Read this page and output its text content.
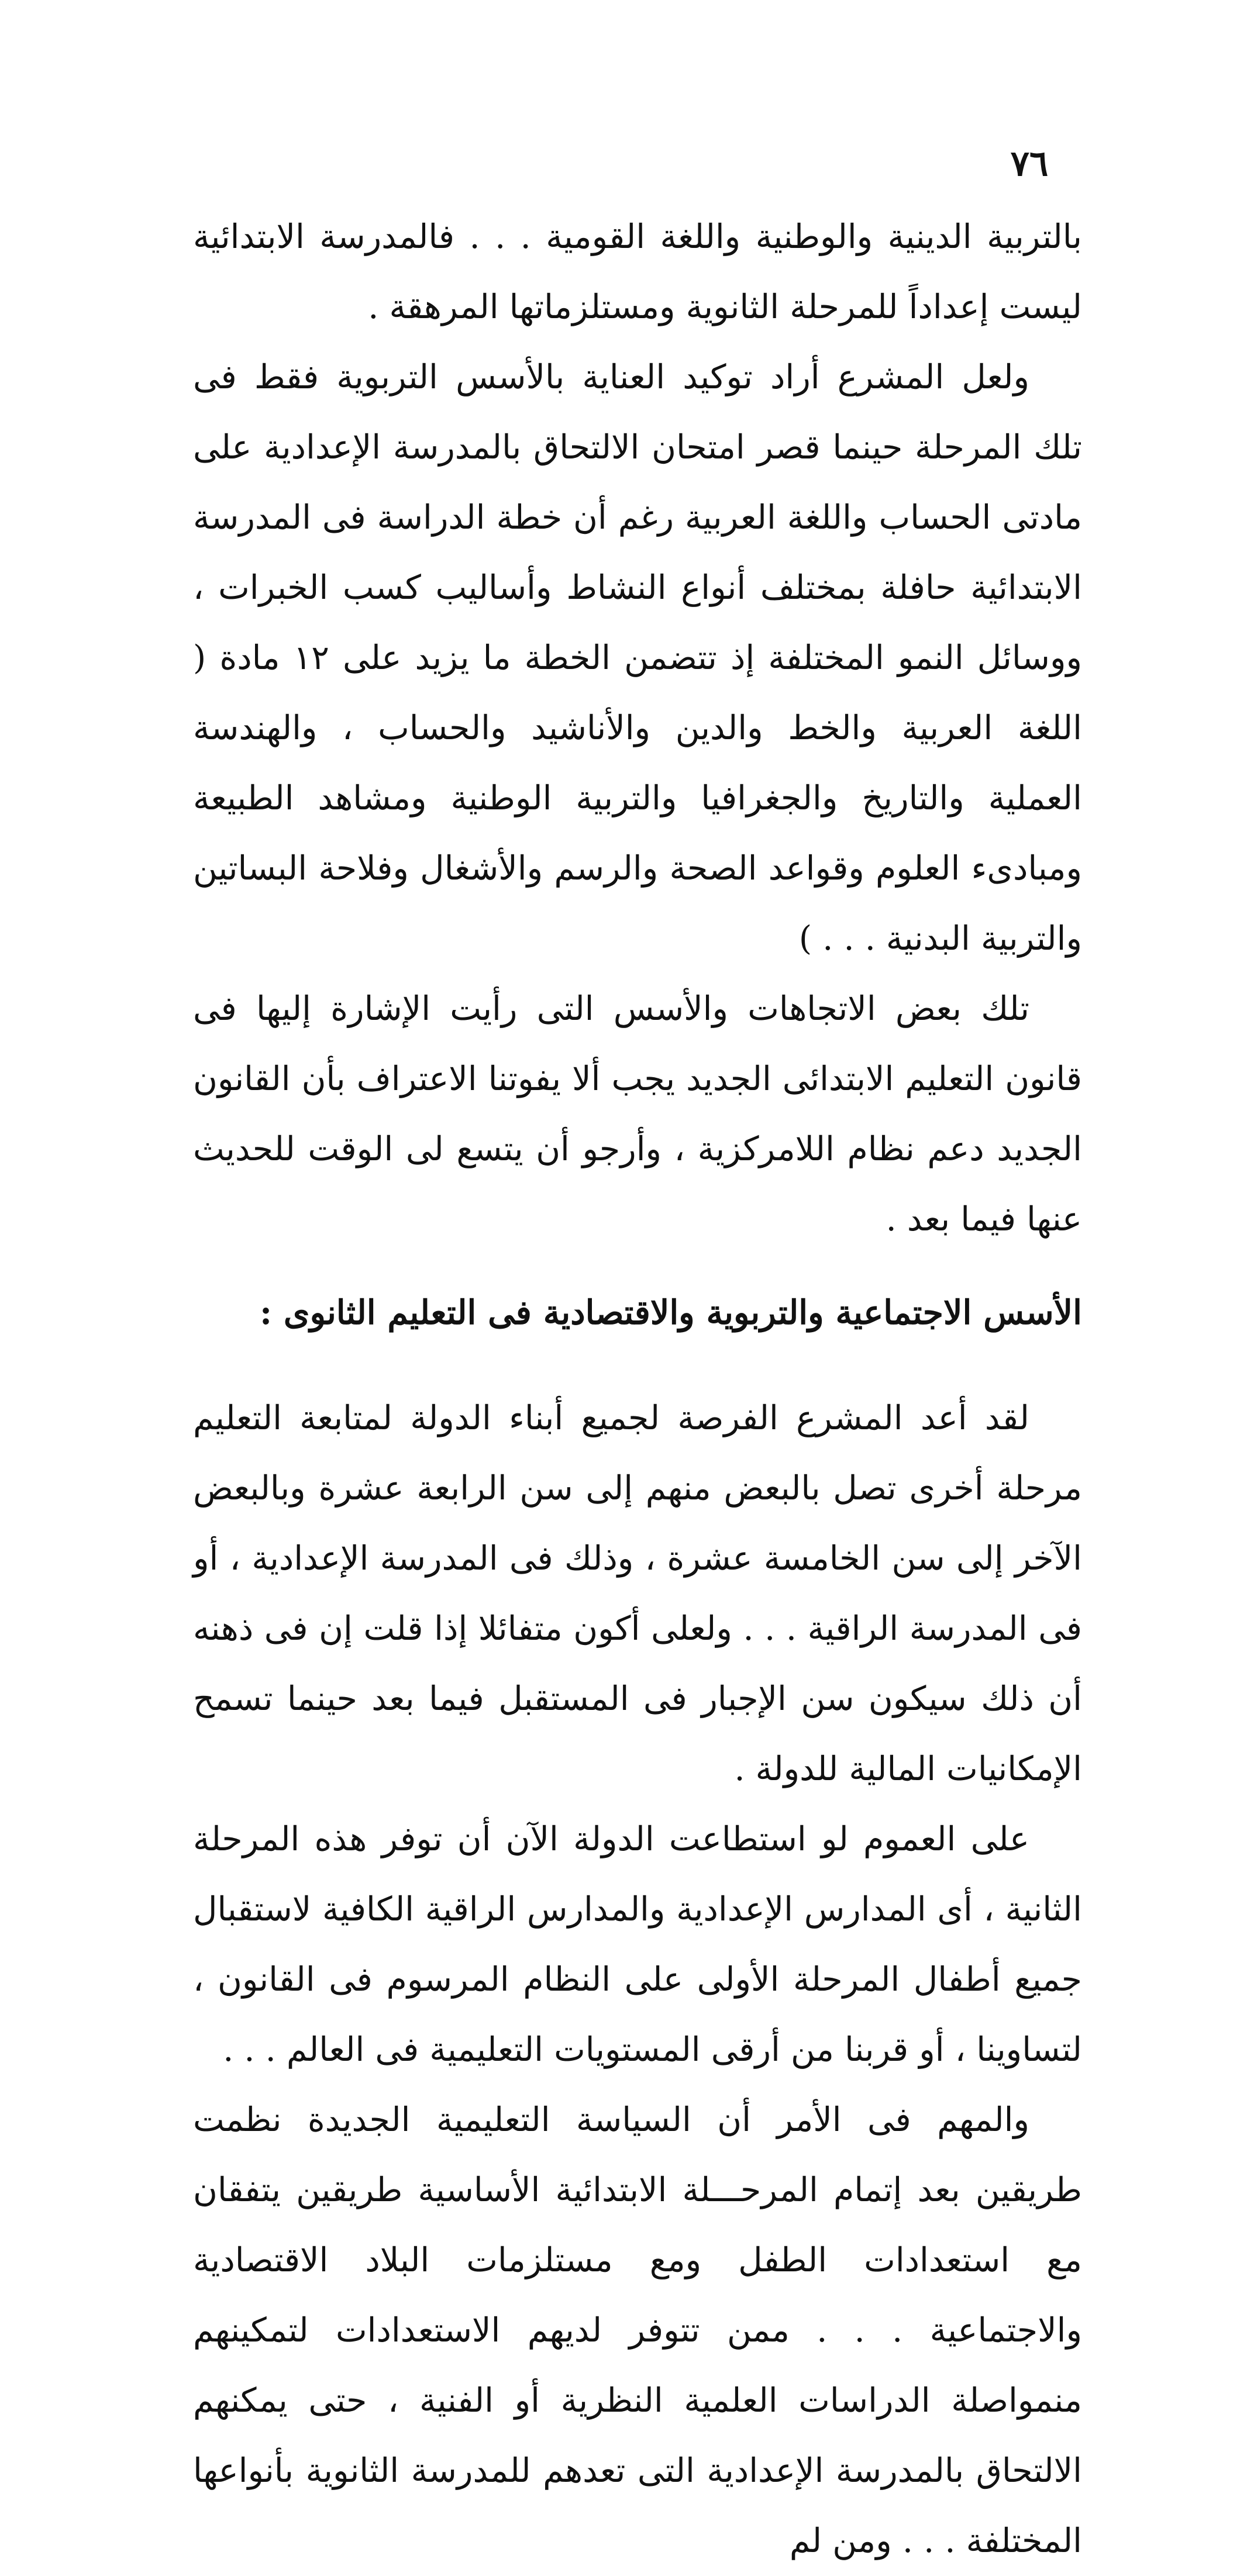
٧٦

بالتربية الدينية والوطنية واللغة القومية . . . فالمدرسة الابتدائية ليست إعداداً للمرحلة الثانوية ومستلزماتها المرهقة .

ولعل المشرع أراد توكيد العناية بالأسس التربوية فقط فى تلك المرحلة حينما قصر امتحان الالتحاق بالمدرسة الإعدادية على مادتى الحساب واللغة العربية رغم أن خطة الدراسة فى المدرسة الابتدائية حافلة بمختلف أنواع النشاط وأساليب كسب الخبرات ، ووسائل النمو المختلفة إذ تتضمن الخطة ما يزيد على ١٢ مادة ( اللغة العربية والخط والدين والأناشيد والحساب ، والهندسة العملية والتاريخ والجغرافيا والتربية الوطنية ومشاهد الطبيعة ومبادىء العلوم وقواعد الصحة والرسم والأشغال وفلاحة البساتين والتربية البدنية . . . )

تلك بعض الاتجاهات والأسس التى رأيت الإشارة إليها فى قانون التعليم الابتدائى الجديد يجب ألا يفوتنا الاعتراف بأن القانون الجديد دعم نظام اللامركزية ، وأرجو أن يتسع لى الوقت للحديث عنها فيما بعد .

الأسس الاجتماعية والتربوية والاقتصادية فى التعليم الثانوى :

لقد أعد المشرع الفرصة لجميع أبناء الدولة لمتابعة التعليم مرحلة أخرى تصل بالبعض منهم إلى سن الرابعة عشرة وبالبعض الآخر إلى سن الخامسة عشرة ، وذلك فى المدرسة الإعدادية ، أو فى المدرسة الراقية . . . ولعلى أكون متفائلا إذا قلت إن فى ذهنه أن ذلك سيكون سن الإجبار فى المستقبل فيما بعد حينما تسمح الإمكانيات المالية للدولة .

على العموم لو استطاعت الدولة الآن أن توفر هذه المرحلة الثانية ، أى المدارس الإعدادية والمدارس الراقية الكافية لاستقبال جميع أطفال المرحلة الأولى على النظام المرسوم فى القانون ، لتساوينا ، أو قربنا من أرقى المستويات التعليمية فى العالم . . .

والمهم فى الأمر أن السياسة التعليمية الجديدة نظمت طريقين بعد إتمام المرحـــلة الابتدائية الأساسية طريقين يتفقان مع استعدادات الطفل ومع مستلزمات البلاد الاقتصادية والاجتماعية . . . ممن تتوفر لديهم الاستعدادات لتمكينهم منمواصلة الدراسات العلمية النظرية أو الفنية ، حتى يمكنهم الالتحاق بالمدرسة الإعدادية التى تعدهم للمدرسة الثانوية بأنواعها المختلفة . . . ومن لم
